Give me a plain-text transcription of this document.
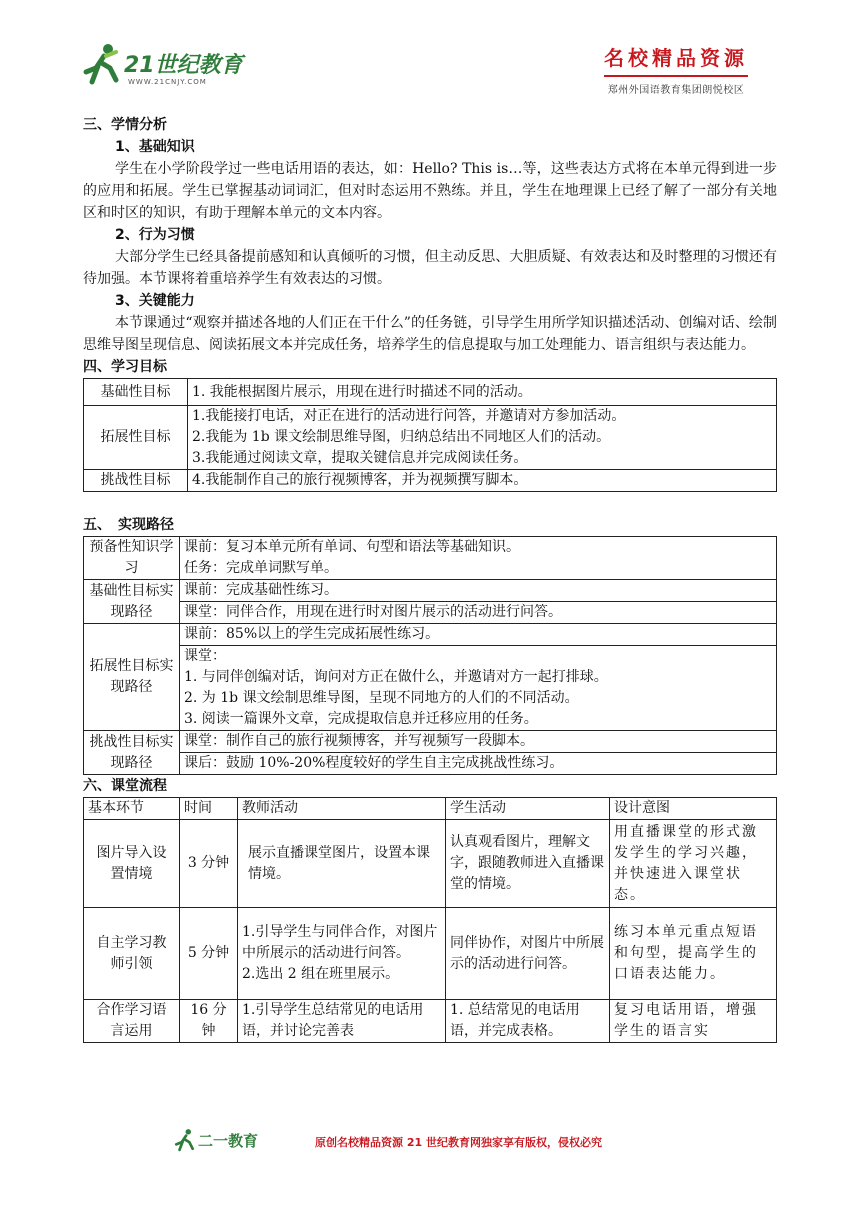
21世纪教育
WWW.21CNJY.COM
名校精品资源
郑州外国语教育集团朗悦校区
三、学情分析
1、基础知识

学生在小学阶段学过一些电话用语的表达，如：Hello? This is…等，这些表达方式将在本单元得到进一步的应用和拓展。学生已掌握基动词词汇，但对时态运用不熟练。并且，学生在地理课上已经了解了一部分有关地区和时区的知识，有助于理解本单元的文本内容。

2、行为习惯

大部分学生已经具备提前感知和认真倾听的习惯，但主动反思、大胆质疑、有效表达和及时整理的习惯还有待加强。本节课将着重培养学生有效表达的习惯。

3、关键能力

本节课通过“观察并描述各地的人们正在干什么”的任务链，引导学生用所学知识描述活动、创编对话、绘制思维导图呈现信息、阅读拓展文本并完成任务，培养学生的信息提取与加工处理能力、语言组织与表达能力。

四、学习目标
基础性目标	1. 我能根据图片展示，用现在进行时描述不同的活动。
拓展性目标	1.我能接打电话，对正在进行的活动进行问答，并邀请对方参加活动。
2.我能为 1b 课文绘制思维导图，归纳总结出不同地区人们的活动。
3.我能通过阅读文章，提取关键信息并完成阅读任务。

挑战性目标	4.我能制作自己的旅行视频博客，并为视频撰写脚本。
五、　实现路径
预备性知识学习	课前：复习本单元所有单词、句型和语法等基础知识。
任务：完成单词默写单。

基础性目标实现路径	课前：完成基础性练习。
	课堂：同伴合作，用现在进行时对图片展示的活动进行问答。
拓展性目标实现路径	课前：85%以上的学生完成拓展性练习。

	课堂：
1. 与同伴创编对话，询问对方正在做什么，并邀请对方一起打排球。
2. 为 1b 课文绘制思维导图，呈现不同地方的人们的不同活动。
3. 阅读一篇课外文章，完成提取信息并迁移应用的任务。

挑战性目标实现路径	课堂：制作自己的旅行视频博客，并写视频写一段脚本。
	课后：鼓励 10%-20%程度较好的学生自主完成挑战性练习。
六、课堂流程
基本环节	时间	教师活动	学生活动	设计意图
图片导入设置情境	3 分钟	展示直播课堂图片，设置本课情境。	认真观看图片，理解文字，跟随教师进入直播课堂的情境。	用直播课堂的形式激发学生的学习兴趣，并快速进入课堂状态。
自主学习教师引领	5 分钟	1.引导学生与同伴合作，对图片中所展示的活动进行问答。
2.选出 2 组在班里展示。	同伴协作，对图片中所展示的活动进行问答。	练习本单元重点短语和句型，提高学生的口语表达能力。
合作学习语言运用	16 分钟	1.引导学生总结常见的电话用语，并讨论完善表	1. 总结常见的电话用语，并完成表格。	复习电话用语，增强学生的语言实
二一教育	原创名校精品资源 21 世纪教育网独家享有版权，侵权必究
